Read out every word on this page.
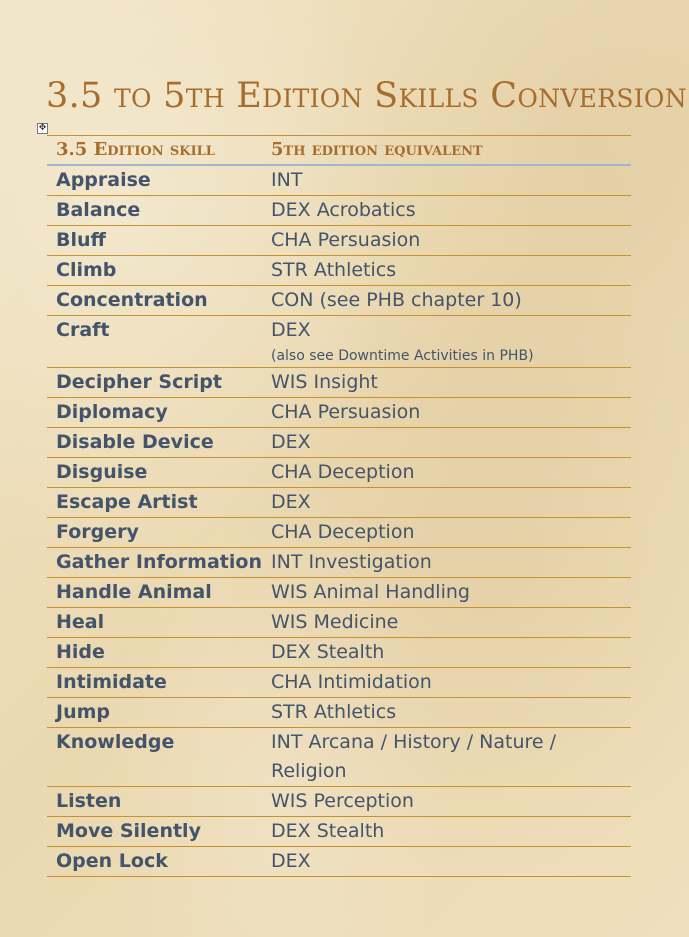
3.5 to 5th Edition Skills Conversion
✥
3.5 Edition skill	5th edition equivalent
Appraise	INT
Balance	DEX Acrobatics
Bluff	CHA Persuasion
Climb	STR Athletics
Concentration	CON (see PHB chapter 10)
Craft	DEX
(also see Downtime Activities in PHB)

Decipher Script	WIS Insight
Diplomacy	CHA Persuasion
Disable Device	DEX
Disguise	CHA Deception
Escape Artist	DEX
Forgery	CHA Deception
Gather Information	INT Investigation
Handle Animal	WIS Animal Handling
Heal	WIS Medicine
Hide	DEX Stealth
Intimidate	CHA Intimidation
Jump	STR Athletics
Knowledge	INT Arcana / History / Nature / Religion
Listen	WIS Perception
Move Silently	DEX Stealth
Open Lock	DEX
